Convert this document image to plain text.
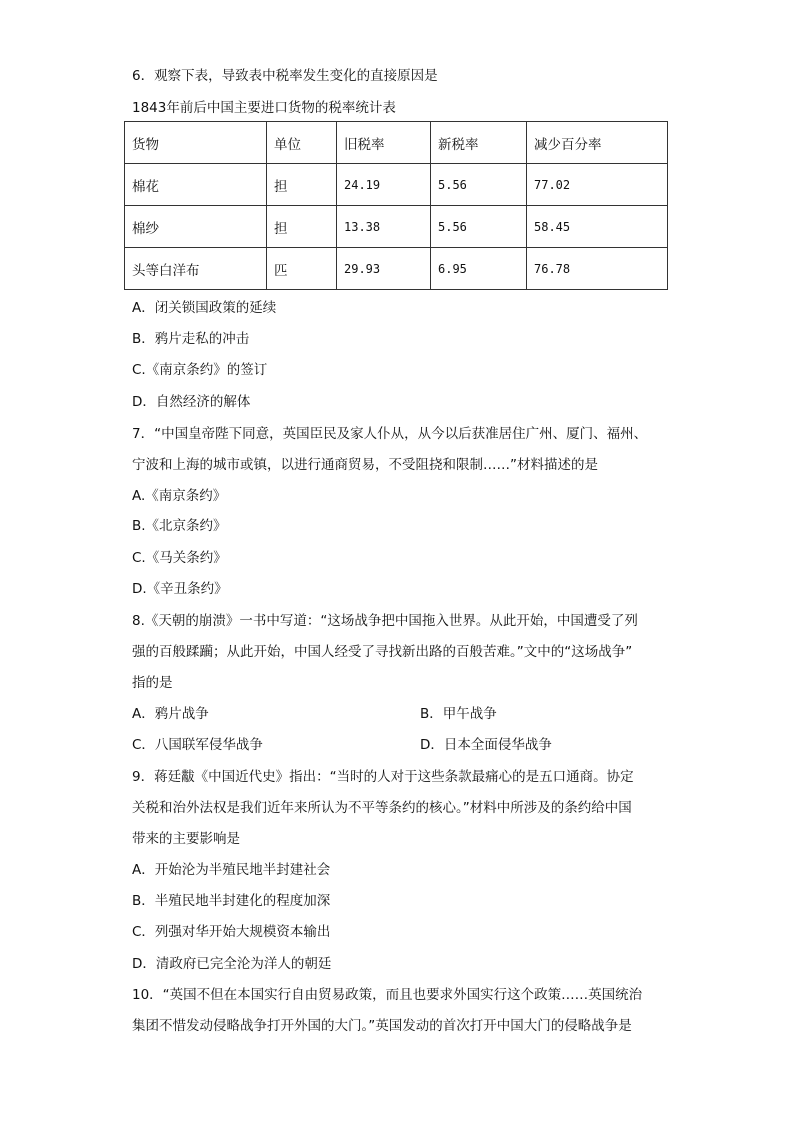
6．观察下表，导致表中税率发生变化的直接原因是
1843年前后中国主要进口货物的税率统计表
货物	单位	旧税率	新税率	减少百分率
棉花	担	24.19	5.56	77.02
棉纱	担	13.38	5.56	58.45
头等白洋布	匹	29.93	6.95	76.78
A．闭关锁国政策的延续
B．鸦片走私的冲击
C.《南京条约》的签订
D．自然经济的解体
7．“中国皇帝陛下同意，英国臣民及家人仆从，从今以后获准居住广州、厦门、福州、
宁波和上海的城市或镇，以进行通商贸易，不受阻挠和限制……”材料描述的是
A.《南京条约》
B.《北京条约》
C.《马关条约》
D.《辛丑条约》
8.《天朝的崩溃》一书中写道：“这场战争把中国拖入世界。从此开始，中国遭受了列
强的百般蹂躏；从此开始，中国人经受了寻找新出路的百般苦难。”文中的“这场战争”
指的是
A．鸦片战争	B．甲午战争
C．八国联军侵华战争	D．日本全面侵华战争
9．蒋廷黻《中国近代史》指出：“当时的人对于这些条款最痛心的是五口通商。协定
关税和治外法权是我们近年来所认为不平等条约的核心。”材料中所涉及的条约给中国
带来的主要影响是
A．开始沦为半殖民地半封建社会
B．半殖民地半封建化的程度加深
C．列强对华开始大规模资本输出
D．清政府已完全沦为洋人的朝廷
10．“英国不但在本国实行自由贸易政策，而且也要求外国实行这个政策……英国统治
集团不惜发动侵略战争打开外国的大门。”英国发动的首次打开中国大门的侵略战争是
